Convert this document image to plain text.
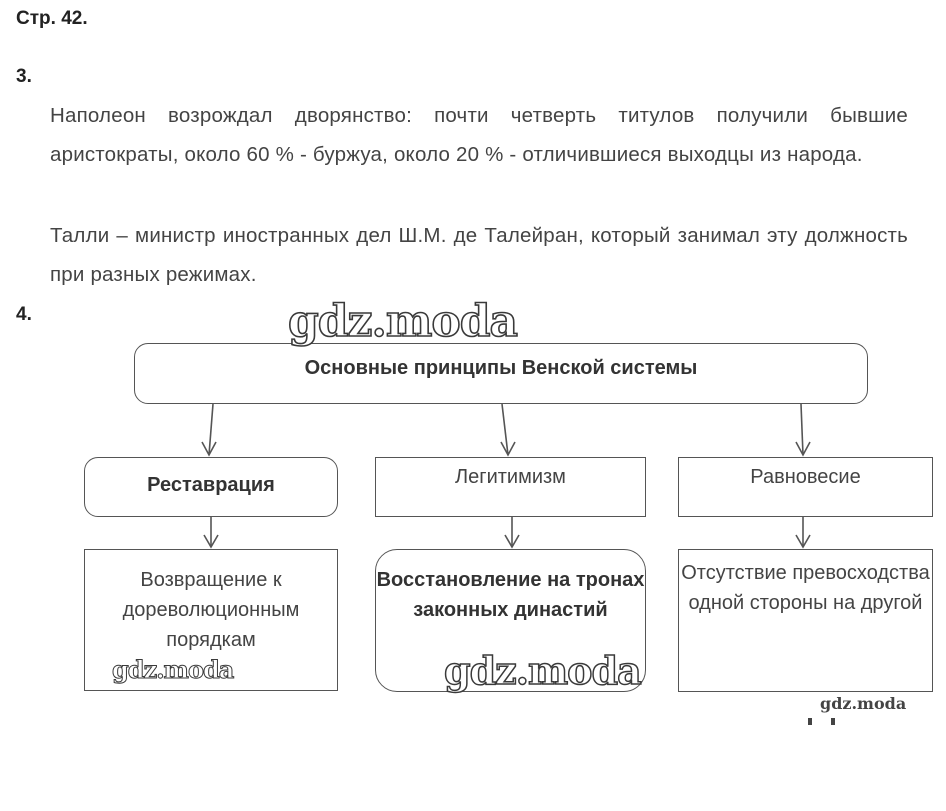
Стр. 42.
3.
Наполеон возрождал дворянство: почти четверть титулов получили бывшие аристократы, около 60 % - буржуа, около 20 % - отличившиеся выходцы из народа.
Талли – министр иностранных дел Ш.М. де Талейран, который занимал эту должность при разных режимах.
4.
Основные принципы Венской системы
Реставрация	Легитимизм	Равновесие
Возвращение к дореволюционным порядкам
Восстановление на тронах законных династий
Отсутствие превосходства одной стороны на другой
gdz.moda
gdz.moda	gdz.moda
gdz.moda
